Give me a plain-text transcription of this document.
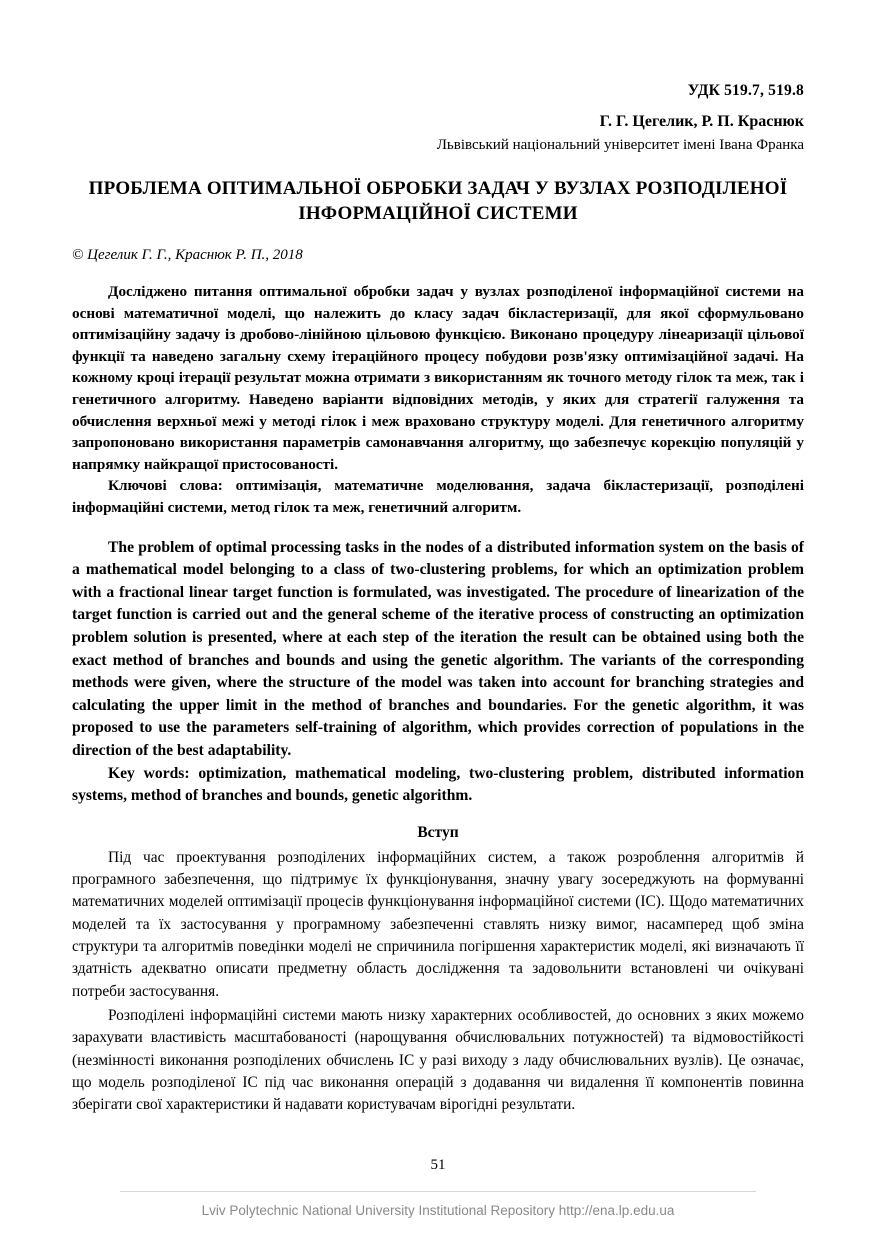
УДК 519.7, 519.8
Г. Г. Цегелик, Р. П. Краснюк
Львівський національний університет імені Івана Франка
ПРОБЛЕМА ОПТИМАЛЬНОЇ ОБРОБКИ ЗАДАЧ У ВУЗЛАХ РОЗПОДІЛЕНОЇ ІНФОРМАЦІЙНОЇ СИСТЕМИ
© Цегелик Г. Г., Краснюк Р. П., 2018
Досліджено питання оптимальної обробки задач у вузлах розподіленої інформаційної системи на основі математичної моделі, що належить до класу задач бікластеризації, для якої сформульовано оптимізаційну задачу із дробово-лінійною цільовою функцією. Виконано процедуру лінеаризації цільової функції та наведено загальну схему ітераційного процесу побудови розв'язку оптимізаційної задачі. На кожному кроці ітерації результат можна отримати з використанням як точного методу гілок та меж, так і генетичного алгоритму. Наведено варіанти відповідних методів, у яких для стратегії галуження та обчислення верхньої межі у методі гілок і меж враховано структуру моделі. Для генетичного алгоритму запропоновано використання параметрів самонавчання алгоритму, що забезпечує корекцію популяцій у напрямку найкращої пристосованості.
Ключові слова: оптимізація, математичне моделювання, задача бікластеризації, розподілені інформаційні системи, метод гілок та меж, генетичний алгоритм.
The problem of optimal processing tasks in the nodes of a distributed information system on the basis of a mathematical model belonging to a class of two-clustering problems, for which an optimization problem with a fractional linear target function is formulated, was investigated. The procedure of linearization of the target function is carried out and the general scheme of the iterative process of constructing an optimization problem solution is presented, where at each step of the iteration the result can be obtained using both the exact method of branches and bounds and using the genetic algorithm. The variants of the corresponding methods were given, where the structure of the model was taken into account for branching strategies and calculating the upper limit in the method of branches and boundaries. For the genetic algorithm, it was proposed to use the parameters self-training of algorithm, which provides correction of populations in the direction of the best adaptability.
Key words: optimization, mathematical modeling, two-clustering problem, distributed information systems, method of branches and bounds, genetic algorithm.
Вступ

Під час проектування розподілених інформаційних систем, а також розроблення алгоритмів й програмного забезпечення, що підтримує їх функціонування, значну увагу зосереджують на формуванні математичних моделей оптимізації процесів функціонування інформаційної системи (ІС). Щодо математичних моделей та їх застосування у програмному забезпеченні ставлять низку вимог, насамперед щоб зміна структури та алгоритмів поведінки моделі не спричинила погіршення характеристик моделі, які визначають її здатність адекватно описати предметну область дослідження та задовольнити встановлені чи очікувані потреби застосування.

Розподілені інформаційні системи мають низку характерних особливостей, до основних з яких можемо зарахувати властивість масштабованості (нарощування обчислювальних потужностей) та відмовостійкості (незмінності виконання розподілених обчислень ІС у разі виходу з ладу обчислювальних вузлів). Це означає, що модель розподіленої ІС під час виконання операцій з додавання чи видалення її компонентів повинна зберігати свої характеристики й надавати користувачам вірогідні результати.

51
Lviv Polytechnic National University Institutional Repository http://ena.lp.edu.ua
